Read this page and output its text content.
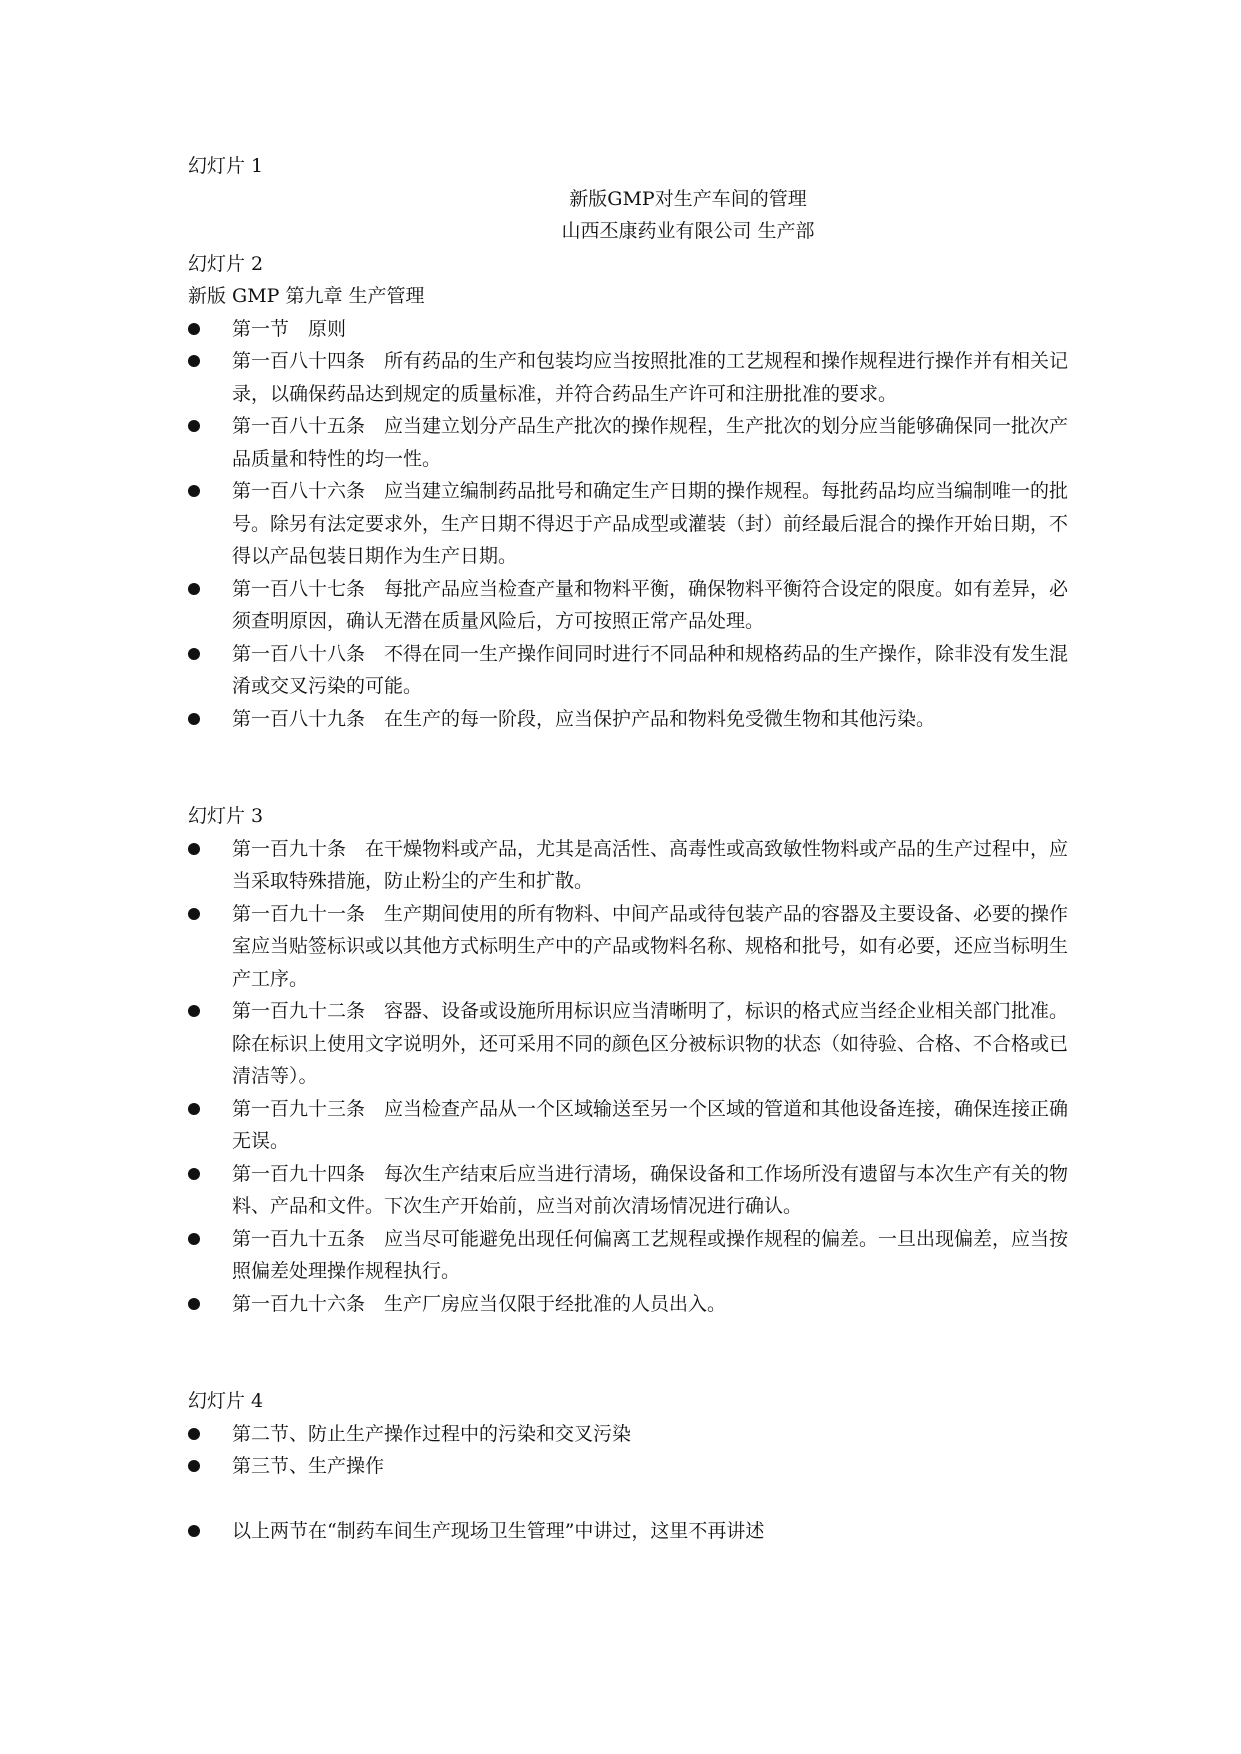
幻灯片 1
新版GMP对生产车间的管理
山西丕康药业有限公司 生产部
幻灯片 2
新版 GMP 第九章 生产管理
第一节　原则
第一百八十四条　所有药品的生产和包装均应当按照批准的工艺规程和操作规程进行操作并有相关记录，以确保药品达到规定的质量标准，并符合药品生产许可和注册批准的要求。
第一百八十五条　应当建立划分产品生产批次的操作规程，生产批次的划分应当能够确保同一批次产品质量和特性的均一性。
第一百八十六条　应当建立编制药品批号和确定生产日期的操作规程。每批药品均应当编制唯一的批号。除另有法定要求外，生产日期不得迟于产品成型或灌装（封）前经最后混合的操作开始日期，不得以产品包装日期作为生产日期。
第一百八十七条　每批产品应当检查产量和物料平衡，确保物料平衡符合设定的限度。如有差异，必须查明原因，确认无潜在质量风险后，方可按照正常产品处理。
第一百八十八条　不得在同一生产操作间同时进行不同品种和规格药品的生产操作，除非没有发生混淆或交叉污染的可能。
第一百八十九条　在生产的每一阶段，应当保护产品和物料免受微生物和其他污染。
幻灯片 3
第一百九十条　在干燥物料或产品，尤其是高活性、高毒性或高致敏性物料或产品的生产过程中，应当采取特殊措施，防止粉尘的产生和扩散。
第一百九十一条　生产期间使用的所有物料、中间产品或待包装产品的容器及主要设备、必要的操作室应当贴签标识或以其他方式标明生产中的产品或物料名称、规格和批号，如有必要，还应当标明生产工序。
第一百九十二条　容器、设备或设施所用标识应当清晰明了，标识的格式应当经企业相关部门批准。除在标识上使用文字说明外，还可采用不同的颜色区分被标识物的状态（如待验、合格、不合格或已清洁等）。
第一百九十三条　应当检查产品从一个区域输送至另一个区域的管道和其他设备连接，确保连接正确无误。
第一百九十四条　每次生产结束后应当进行清场，确保设备和工作场所没有遗留与本次生产有关的物料、产品和文件。下次生产开始前，应当对前次清场情况进行确认。
第一百九十五条　应当尽可能避免出现任何偏离工艺规程或操作规程的偏差。一旦出现偏差，应当按照偏差处理操作规程执行。
第一百九十六条　生产厂房应当仅限于经批准的人员出入。
幻灯片 4
第二节、防止生产操作过程中的污染和交叉污染
第三节、生产操作
以上两节在“制药车间生产现场卫生管理”中讲过，这里不再讲述
